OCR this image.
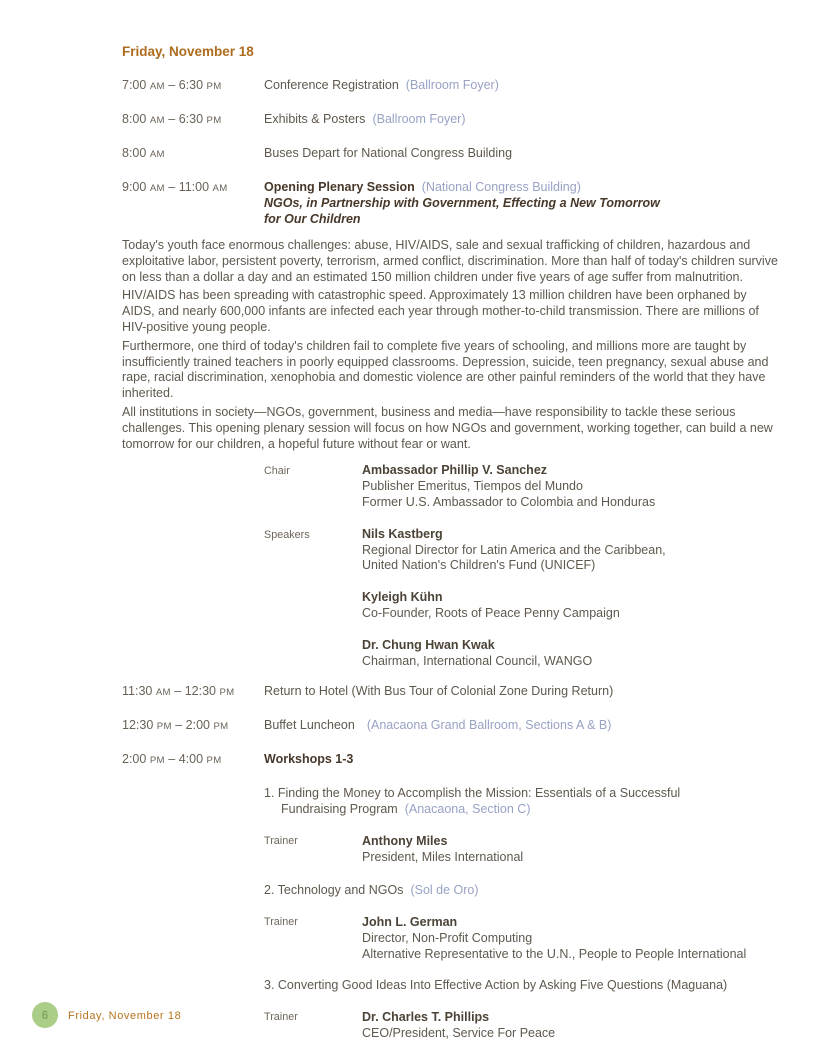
Friday, November 18
7:00 AM – 6:30 PM	Conference Registration (Ballroom Foyer)
8:00 AM – 6:30 PM	Exhibits & Posters (Ballroom Foyer)
8:00 AM	Buses Depart for National Congress Building
9:00 AM – 11:00 AM	Opening Plenary Session (National Congress Building)
NGOs, in Partnership with Government, Effecting a New Tomorrow
for Our Children

Today's youth face enormous challenges: abuse, HIV/AIDS, sale and sexual trafficking of children, hazardous and exploitative labor, persistent poverty, terrorism, armed conflict, discrimination. More than half of today's children survive on less than a dollar a day and an estimated 150 million children under five years of age suffer from malnutrition.

HIV/AIDS has been spreading with catastrophic speed. Approximately 13 million children have been orphaned by AIDS, and nearly 600,000 infants are infected each year through mother-to-child transmission. There are millions of HIV-positive young people.

Furthermore, one third of today's children fail to complete five years of schooling, and millions more are taught by insufficiently trained teachers in poorly equipped classrooms. Depression, suicide, teen pregnancy, sexual abuse and rape, racial discrimination, xenophobia and domestic violence are other painful reminders of the world that they have inherited.

All institutions in society—NGOs, government, business and media—have responsibility to tackle these serious challenges. This opening plenary session will focus on how NGOs and government, working together, can build a new tomorrow for our children, a hopeful future without fear or want.

Chair	Ambassador Phillip V. Sanchez
Publisher Emeritus, Tiempos del Mundo
Former U.S. Ambassador to Colombia and Honduras
Speakers	Nils Kastberg
Regional Director for Latin America and the Caribbean,
United Nation's Children's Fund (UNICEF)
Kyleigh Kühn
Co-Founder, Roots of Peace Penny Campaign
Dr. Chung Hwan Kwak
Chairman, International Council, WANGO
11:30 AM – 12:30 PM	Return to Hotel (With Bus Tour of Colonial Zone During Return)
12:30 PM – 2:00 PM	Buffet Luncheon (Anacaona Grand Ballroom, Sections A & B)
2:00 PM – 4:00 PM	Workshops 1-3
1. Finding the Money to Accomplish the Mission: Essentials of a Successful
Fundraising Program (Anacaona, Section C)
Trainer	Anthony Miles
President, Miles International
2. Technology and NGOs (Sol de Oro)
Trainer	John L. German
Director, Non-Profit Computing
Alternative Representative to the U.N., People to People International
3. Converting Good Ideas Into Effective Action by Asking Five Questions (Maguana)
Trainer	Dr. Charles T. Phillips
CEO/President, Service For Peace
6 Friday, November 18
